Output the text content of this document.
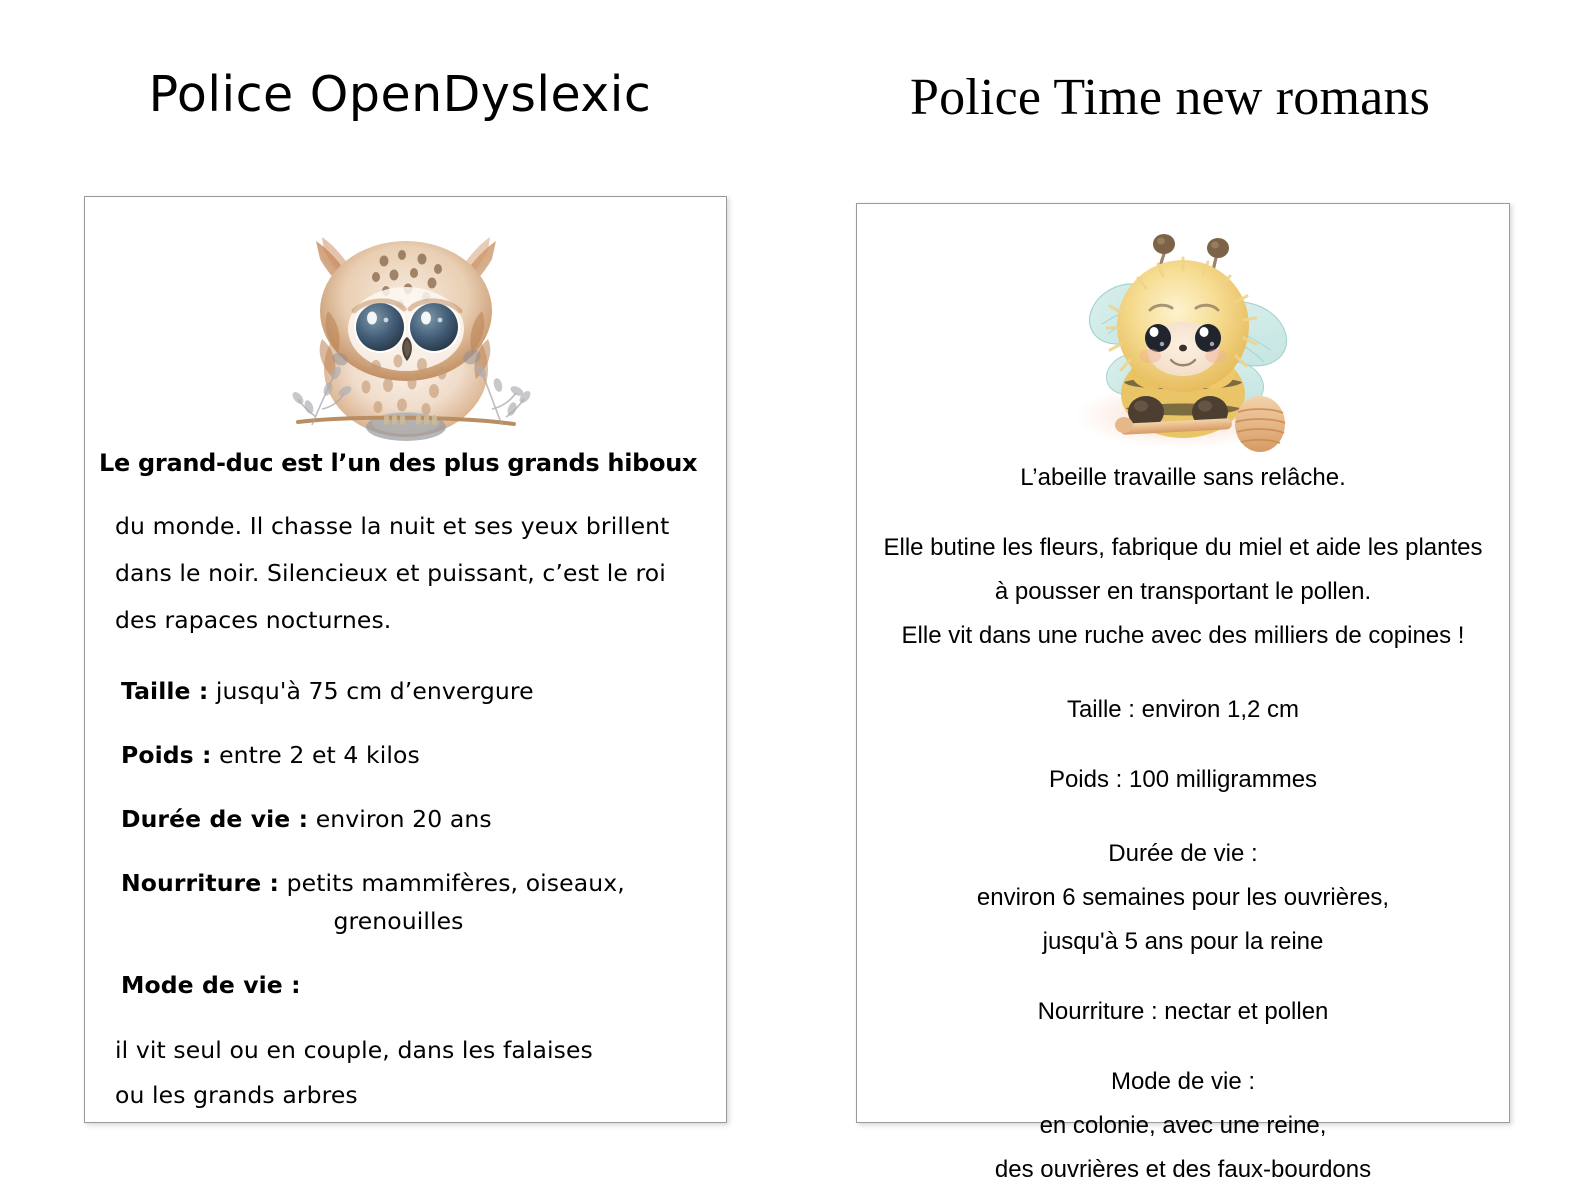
Police OpenDyslexic	Police Time new romans

Le grand-duc est l’un des plus grands hiboux

du monde. Il chasse la nuit et ses yeux brillent
dans le noir. Silencieux et puissant, c’est le roi
des rapaces nocturnes.
Taille : jusqu'à 75 cm d’envergure
Poids : entre 2 et 4 kilos
Durée de vie : environ 20 ans
Nourriture : petits mammifères, oiseaux,
grenouilles
Mode de vie :
il vit seul ou en couple, dans les falaises
ou les grands arbres

L’abeille travaille sans relâche.

Elle butine les fleurs, fabrique du miel et aide les plantes

à pousser en transportant le pollen.

Elle vit dans une ruche avec des milliers de copines !

Taille : environ 1,2 cm

Poids : 100 milligrammes

Durée de vie :

environ 6 semaines pour les ouvrières,

jusqu'à 5 ans pour la reine

Nourriture : nectar et pollen

Mode de vie :

en colonie, avec une reine,

des ouvrières et des faux-bourdons
